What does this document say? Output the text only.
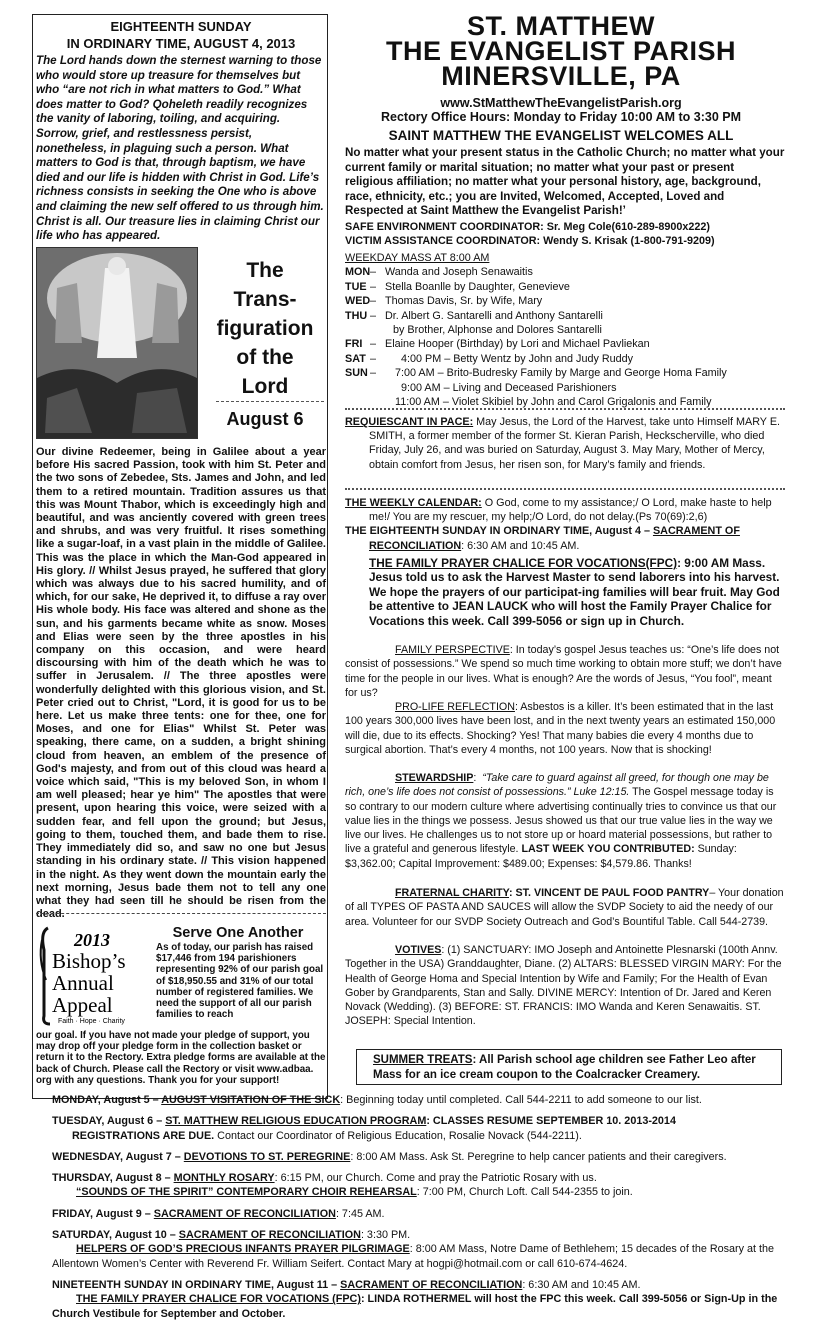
EIGHTEENTH SUNDAY

IN ORDINARY TIME, AUGUST 4, 2013

The Lord hands down the sternest warning to those who would store up treasure for themselves but who “are not rich in what matters to God.” What does matter to God? Qoheleth readily recognizes the vanity of laboring, toiling, and acquiring. Sorrow, grief, and restlessness persist, nonetheless, in plaguing such a person. What matters to God is that, through baptism, we have died and our life is hidden with Christ in God. Life’s richness consists in seeking the One who is above and claiming the new self offered to us through him. Christ is all. Our treasure lies in claiming Christ our life who has appeared.

The

Trans-

figuration

of the

Lord

August 6

Our divine Redeemer, being in Galilee about a year before His sacred Passion, took with him St. Peter and the two sons of Zebedee, Sts. James and John, and led them to a retired mountain. Tradition assures us that this was Mount Thabor, which is exceedingly high and beautiful, and was anciently covered with green trees and shrubs, and was very fruitful. It rises something like a sugar-loaf, in a vast plain in the middle of Galilee. This was the place in which the Man-God appeared in His glory. // Whilst Jesus prayed, he suffered that glory which was always due to his sacred humility, and of which, for our sake, He deprived it, to diffuse a ray over His whole body. His face was altered and shone as the sun, and his garments became white as snow. Moses and Elias were seen by the three apostles in his company on this occasion, and were heard discoursing with him of the death which he was to suffer in Jerusalem. // The three apostles were wonderfully delighted with this glorious vision, and St. Peter cried out to Christ, "Lord, it is good for us to be here. Let us make three tents: one for thee, one for Moses, and one for Elias" Whilst St. Peter was speaking, there came, on a sudden, a bright shining cloud from heaven, an emblem of the presence of God's majesty, and from out of this cloud was heard a voice which said, "This is my beloved Son, in whom I am well pleased; hear ye him" The apostles that were present, upon hearing this voice, were seized with a sudden fear, and fell upon the ground; but Jesus, going to them, touched them, and bade them to rise. They immediately did so, and saw no one but Jesus standing in his ordinary state. // This vision happened in the night. As they went down the mountain early the next morning, Jesus bade them not to tell any one what they had seen till he should be risen from the dead.

2013
Bishop’s
Annual
Appeal
Faith · Hope · Charity

Serve One Another

As of today, our parish has raised $17,446 from 194 parishioners representing 92% of our parish goal of $18,950.55 and 31% of our total number of registered families. We need the support of all our parish families to reach

our goal. If you have not made your pledge of support, you may drop off your pledge form in the collection basket or return it to the Rectory. Extra pledge forms are available at the back of Church. Please call the Rectory or visit www.adbaa. org with any questions. Thank you for your support!

ST. MATTHEW

THE EVANGELIST PARISH

MINERSVILLE, PA

www.StMatthewTheEvangelistParish.org

Rectory Office Hours: Monday to Friday 10:00 AM to 3:30 PM

SAINT MATTHEW THE EVANGELIST WELCOMES ALL

No matter what your present status in the Catholic Church; no matter what your current family or marital situation; no matter what your past or present religious affiliation; no matter what your personal history, age, background, race, ethnicity, etc.; you are Invited, Welcomed, Accepted, Loved and Respected at Saint Matthew the Evangelist Parish!’

SAFE ENVIRONMENT COORDINATOR: Sr. Meg Cole(610-289-8900x222)

VICTIM ASSISTANCE COORDINATOR: Wendy S. Krisak (1-800-791-9209)

WEEKDAY MASS AT 8:00 AM

MON – Wanda and Joseph Senawaitis
TUE – Stella Boanlle by Daughter, Genevieve
WED – Thomas Davis, Sr. by Wife, Mary
THU – Dr. Albert G. Santarelli and Anthony Santarelli
by Brother, Alphonse and Dolores Santarelli
FRI – Elaine Hooper (Birthday) by Lori and Michael Pavliekan
SAT – 4:00 PM – Betty Wentz by John and Judy Ruddy
SUN – 7:00 AM – Brito-Budresky Family by Marge and George Homa Family
9:00 AM – Living and Deceased Parishioners
11:00 AM – Violet Skibiel by John and Carol Grigalonis and Family

REQUIESCANT IN PACE: May Jesus, the Lord of the Harvest, take unto Himself MARY E. SMITH, a former member of the former St. Kieran Parish, Heckscherville, who died Friday, July 26, and was buried on Saturday, August 3. May Mary, Mother of Mercy, obtain comfort from Jesus, her risen son, for Mary’s family and friends.

THE WEEKLY CALENDAR: O God, come to my assistance;/ O Lord, make haste to help me!/ You are my rescuer, my help;/O Lord, do not delay.(Ps 70(69):2,6)

THE EIGHTEENTH SUNDAY IN ORDINARY TIME, August 4 – SACRAMENT OF RECONCILIATION: 6:30 AM and 10:45 AM.

THE FAMILY PRAYER CHALICE FOR VOCATIONS(FPC): 9:00 AM Mass. Jesus told us to ask the Harvest Master to send laborers into his harvest. We hope the prayers of our participat-ing families will bear fruit. May God be attentive to JEAN LAUCK who will host the Family Prayer Chalice for Vocations this week. Call 399-5056 or sign up in Church.

FAMILY PERSPECTIVE: In today’s gospel Jesus teaches us: “One’s life does not consist of possessions.” We spend so much time working to obtain more stuff; we don’t have time for the people in our lives. What is enough? Are the words of Jesus, “You fool”, meant for us?

PRO-LIFE REFLECTION: Asbestos is a killer. It’s been estimated that in the last 100 years 300,000 lives have been lost, and in the next twenty years an estimated 150,000 will die, due to its effects. Shocking? Yes! That many babies die every 4 months due to surgical abortion. That’s every 4 months, not 100 years. Now that is shocking!

STEWARDSHIP:  “Take care to guard against all greed, for though one may be rich, one’s life does not consist of possessions.” Luke 12:15. The Gospel message today is so contrary to our modern culture where advertising continually tries to convince us that our value lies in the things we possess. Jesus showed us that our true value lies in the way we live our lives. He challenges us to not store up or hoard material possessions, but rather to live a grateful and generous lifestyle. LAST WEEK YOU CONTRIBUTED: Sunday: $3,362.00; Capital Improvement: $489.00; Expenses: $4,579.86. Thanks!

FRATERNAL CHARITY: ST. VINCENT DE PAUL FOOD PANTRY– Your donation of all TYPES OF PASTA AND SAUCES will allow the SVDP Society to aid the needy of our area. Volunteer for our SVDP Society Outreach and God’s Bountiful Table. Call 544-2739.

VOTIVES: (1) SANCTUARY: IMO Joseph and Antoinette Plesnarski (100th Annv. Together in the USA) Granddaughter, Diane. (2) ALTARS: BLESSED VIRGIN MARY: For the Health of George Homa and Special Intention by Wife and Family; For the Health of Evan Gober by Grandparents, Stan and Sally. DIVINE MERCY: Intention of Dr. Jared and Keren Novack (Wedding). (3) BEFORE: ST. FRANCIS: IMO Wanda and Keren Senawaitis. ST. JOSEPH: Special Intention.

SUMMER TREATS: All Parish school age children see Father Leo after Mass for an ice cream coupon to the Coalcracker Creamery.

MONDAY, August 5 – AUGUST VISITATION OF THE SICK: Beginning today until completed. Call 544-2211 to add someone to our list.

TUESDAY, August 6 – ST. MATTHEW RELIGIOUS EDUCATION PROGRAM: CLASSES RESUME SEPTEMBER 10. 2013-2014
REGISTRATIONS ARE DUE. Contact our Coordinator of Religious Education, Rosalie Novack (544-2211).

WEDNESDAY, August 7 – DEVOTIONS TO ST. PEREGRINE: 8:00 AM Mass. Ask St. Peregrine to help cancer patients and their caregivers.

THURSDAY, August 8 – MONTHLY ROSARY: 6:15 PM, our Church. Come and pray the Patriotic Rosary with us.
“SOUNDS OF THE SPIRIT” CONTEMPORARY CHOIR REHEARSAL: 7:00 PM, Church Loft. Call 544-2355 to join.

FRIDAY, August 9 – SACRAMENT OF RECONCILIATION: 7:45 AM.

SATURDAY, August 10 – SACRAMENT OF RECONCILIATION: 3:30 PM.
HELPERS OF GOD’S PRECIOUS INFANTS PRAYER PILGRIMAGE: 8:00 AM Mass, Notre Dame of Bethlehem; 15 decades of the Rosary at the Allentown Women’s Center with Reverend Fr. William Seifert. Contact Mary at hogpi@hotmail.com or call 610-674-4624.

NINETEENTH SUNDAY IN ORDINARY TIME, August 11 – SACRAMENT OF RECONCILIATION: 6:30 AM and 10:45 AM.
THE FAMILY PRAYER CHALICE FOR VOCATIONS (FPC): LINDA ROTHERMEL will host the FPC this week. Call 399-5056 or Sign-Up in the Church Vestibule for September and October.
